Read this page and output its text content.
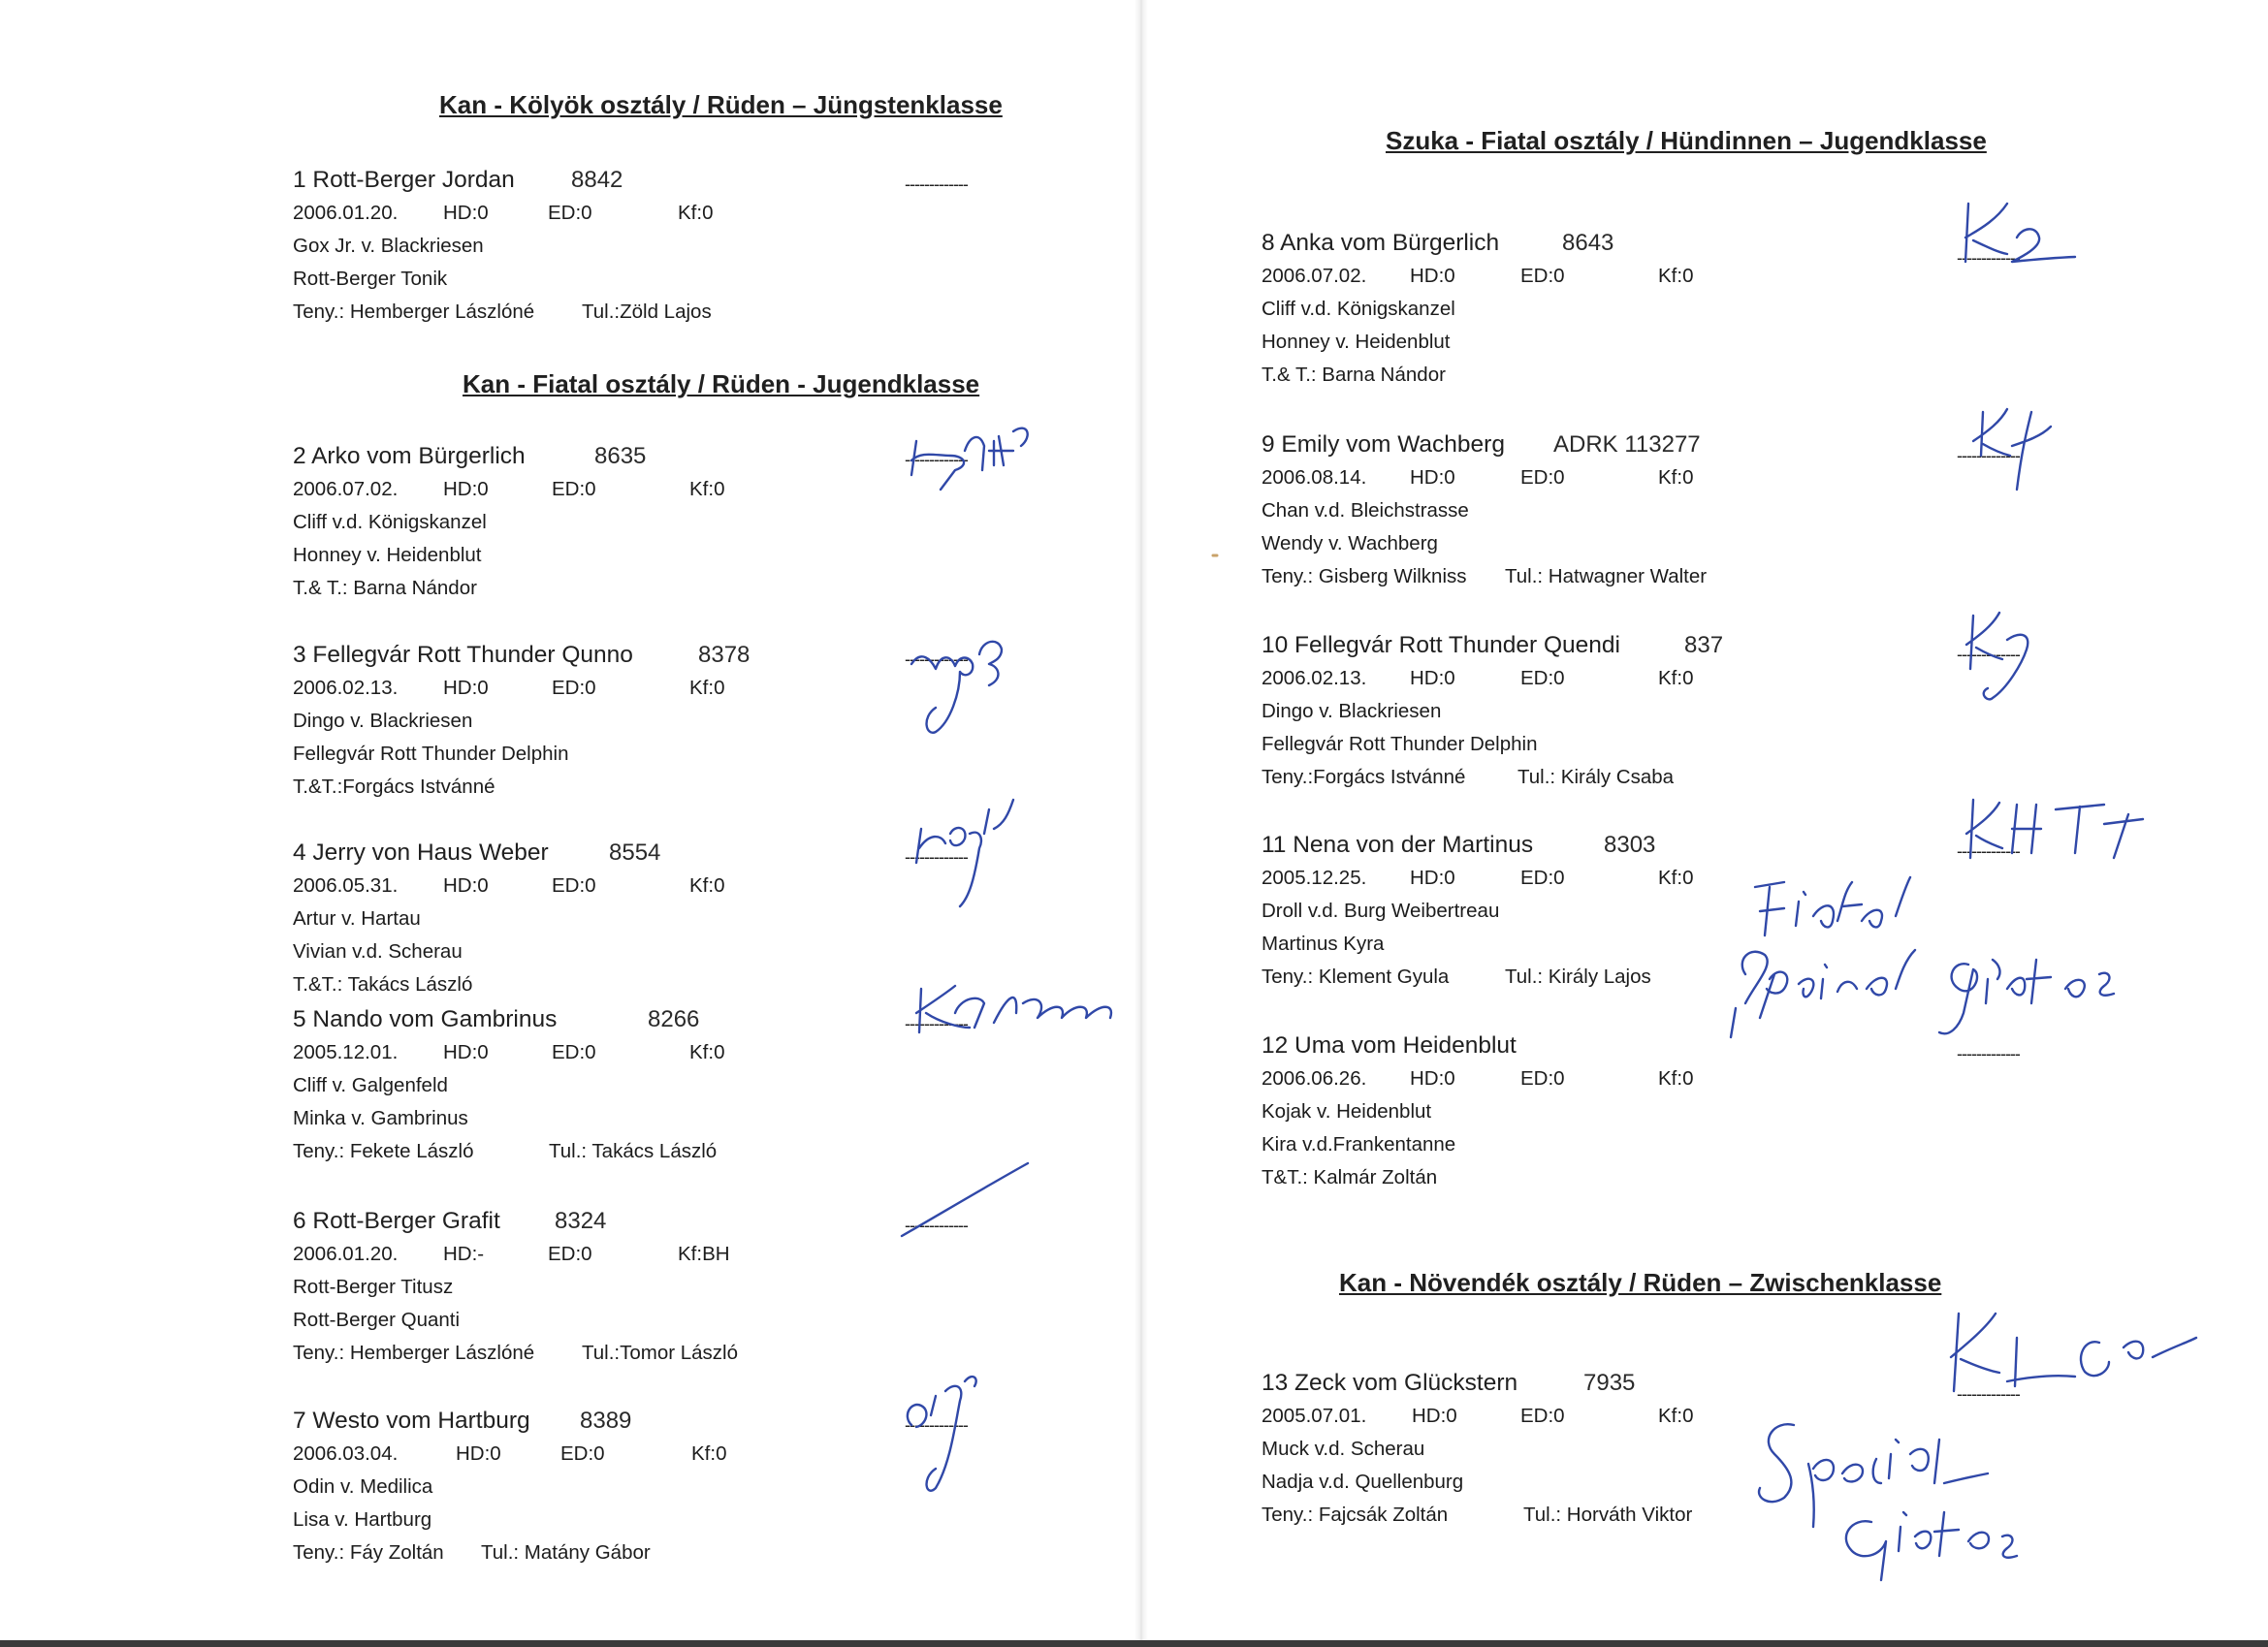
Kan - Kölyök osztály / Rüden – Jüngstenklasse
Kan - Fiatal osztály / Rüden - Jugendklasse
Szuka - Fiatal osztály / Hündinnen – Jugendklasse
Kan - Növendék osztály / Rüden – Zwischenklasse
1 Rott-Berger Jordan 8842
2006.01.20. HD:0	ED:0	Kf:0
Gox Jr. v. Blackriesen
Rott-Berger Tonik
Teny.: Hemberger Lászlóné Tul.:Zöld Lajos
2 Arko vom Bürgerlich	8635
2006.07.02. HD:0	ED:0	Kf:0
Cliff v.d. Königskanzel
Honney v. Heidenblut
T.& T.: Barna Nándor
3 Fellegvár Rott Thunder Qunno	8378
2006.02.13. HD:0	ED:0	Kf:0
Dingo v. Blackriesen
Fellegvár Rott Thunder Delphin
T.&T.:Forgács Istvánné
4 Jerry von Haus Weber	8554
2006.05.31. HD:0	ED:0	Kf:0
Artur v. Hartau
Vivian v.d. Scherau
T.&T.: Takács László
5 Nando vom Gambrinus	8266
2005.12.01. HD:0	ED:0	Kf:0
Cliff v. Galgenfeld
Minka v. Gambrinus
Teny.: Fekete László	Tul.: Takács László
6 Rott-Berger Grafit 8324
2006.01.20. HD:-	ED:0	Kf:BH
Rott-Berger Titusz
Rott-Berger Quanti
Teny.: Hemberger Lászlóné Tul.:Tomor László
7 Westo vom Hartburg 8389
2006.03.04.	HD:0	ED:0	Kf:0
Odin v. Medilica
Lisa v. Hartburg
Teny.: Fáy Zoltán Tul.: Matány Gábor
8 Anka vom Bürgerlich	8643
2006.07.02. HD:0	ED:0	Kf:0
Cliff v.d. Königskanzel
Honney v. Heidenblut
T.& T.: Barna Nándor
9 Emily vom Wachberg ADRK 113277
2006.08.14. HD:0	ED:0	Kf:0
Chan v.d. Bleichstrasse
Wendy v. Wachberg
Teny.: Gisberg Wilkniss Tul.: Hatwagner Walter
10 Fellegvár Rott Thunder Quendi	837
2006.02.13. HD:0	ED:0	Kf:0
Dingo v. Blackriesen
Fellegvár Rott Thunder Delphin
Teny.:Forgács Istvánné	Tul.: Király Csaba
11 Nena von der Martinus	8303
2005.12.25. HD:0	ED:0	Kf:0
Droll v.d. Burg Weibertreau
Martinus Kyra
Teny.: Klement Gyula	Tul.: Király Lajos
12 Uma vom Heidenblut
2006.06.26. HD:0	ED:0	Kf:0
Kojak v. Heidenblut
Kira v.d.Frankentanne
T&T.: Kalmár Zoltán
13 Zeck vom Glückstern	7935
2005.07.01. HD:0	ED:0	Kf:0
Muck v.d. Scherau
Nadja v.d. Quellenburg
Teny.: Fajcsák Zoltán	Tul.: Horváth Viktor
-------------
-------------
-------------
-------------
-------------
-------------
-------------
-------------
-------------
-------------
-------------
-------------
-------------
